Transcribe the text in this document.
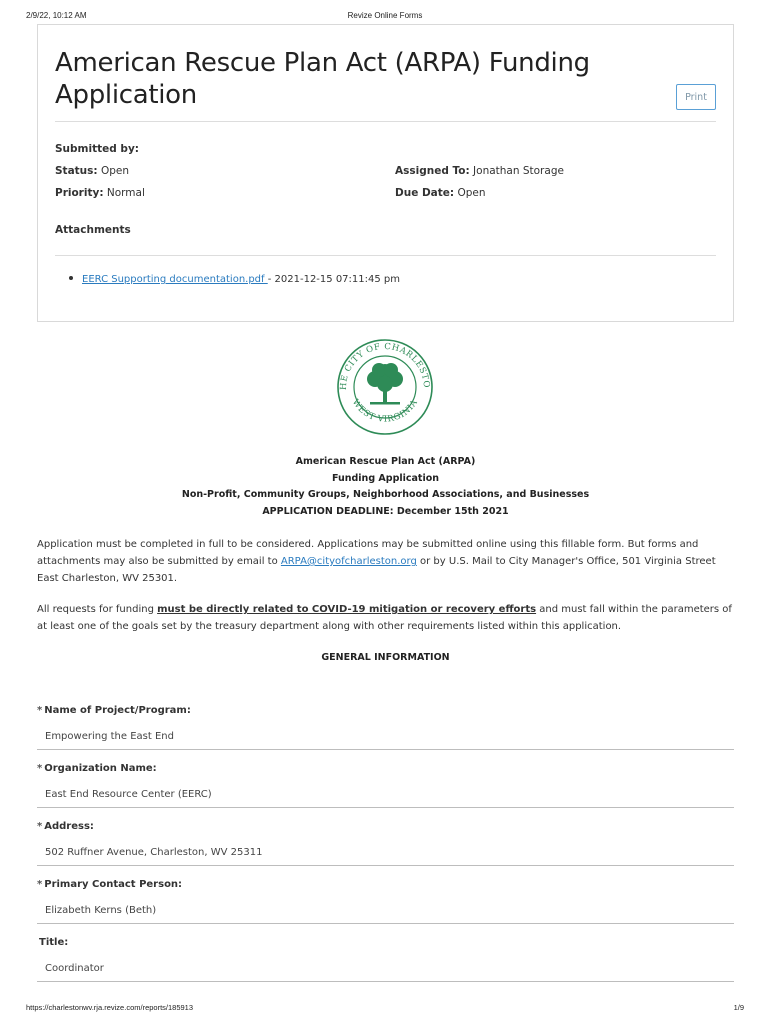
2/9/22, 10:12 AM	Revize Online Forms
American Rescue Plan Act (ARPA) Funding Application	Print
Submitted by:
Status: Open	Assigned To: Jonathan Storage
Priority: Normal	Due Date: Open
Attachments
EERC Supporting documentation.pdf - 2021-12-15 07:11:45 pm
HE CITY OF CHARLESTO
WEST VIRGINIA
American Rescue Plan Act (ARPA)
Funding Application
Non-Profit, Community Groups, Neighborhood Associations, and Businesses
APPLICATION DEADLINE: December 15th 2021
Application must be completed in full to be considered. Applications may be submitted online using this fillable form. But forms and attachments may also be submitted by email to ARPA@cityofcharleston.org or by U.S. Mail to City Manager's Office, 501 Virginia Street East Charleston, WV 25301.
All requests for funding must be directly related to COVID-19 mitigation or recovery efforts and must fall within the parameters of at least one of the goals set by the treasury department along with other requirements listed within this application.
GENERAL INFORMATION
* Name of Project/Program:
Empowering the East End
* Organization Name:
East End Resource Center (EERC)
* Address:
502 Ruffner Avenue, Charleston, WV 25311
* Primary Contact Person:
Elizabeth Kerns (Beth)
Title:
Coordinator
https://charlestonwv.rja.revize.com/reports/185913	1/9
